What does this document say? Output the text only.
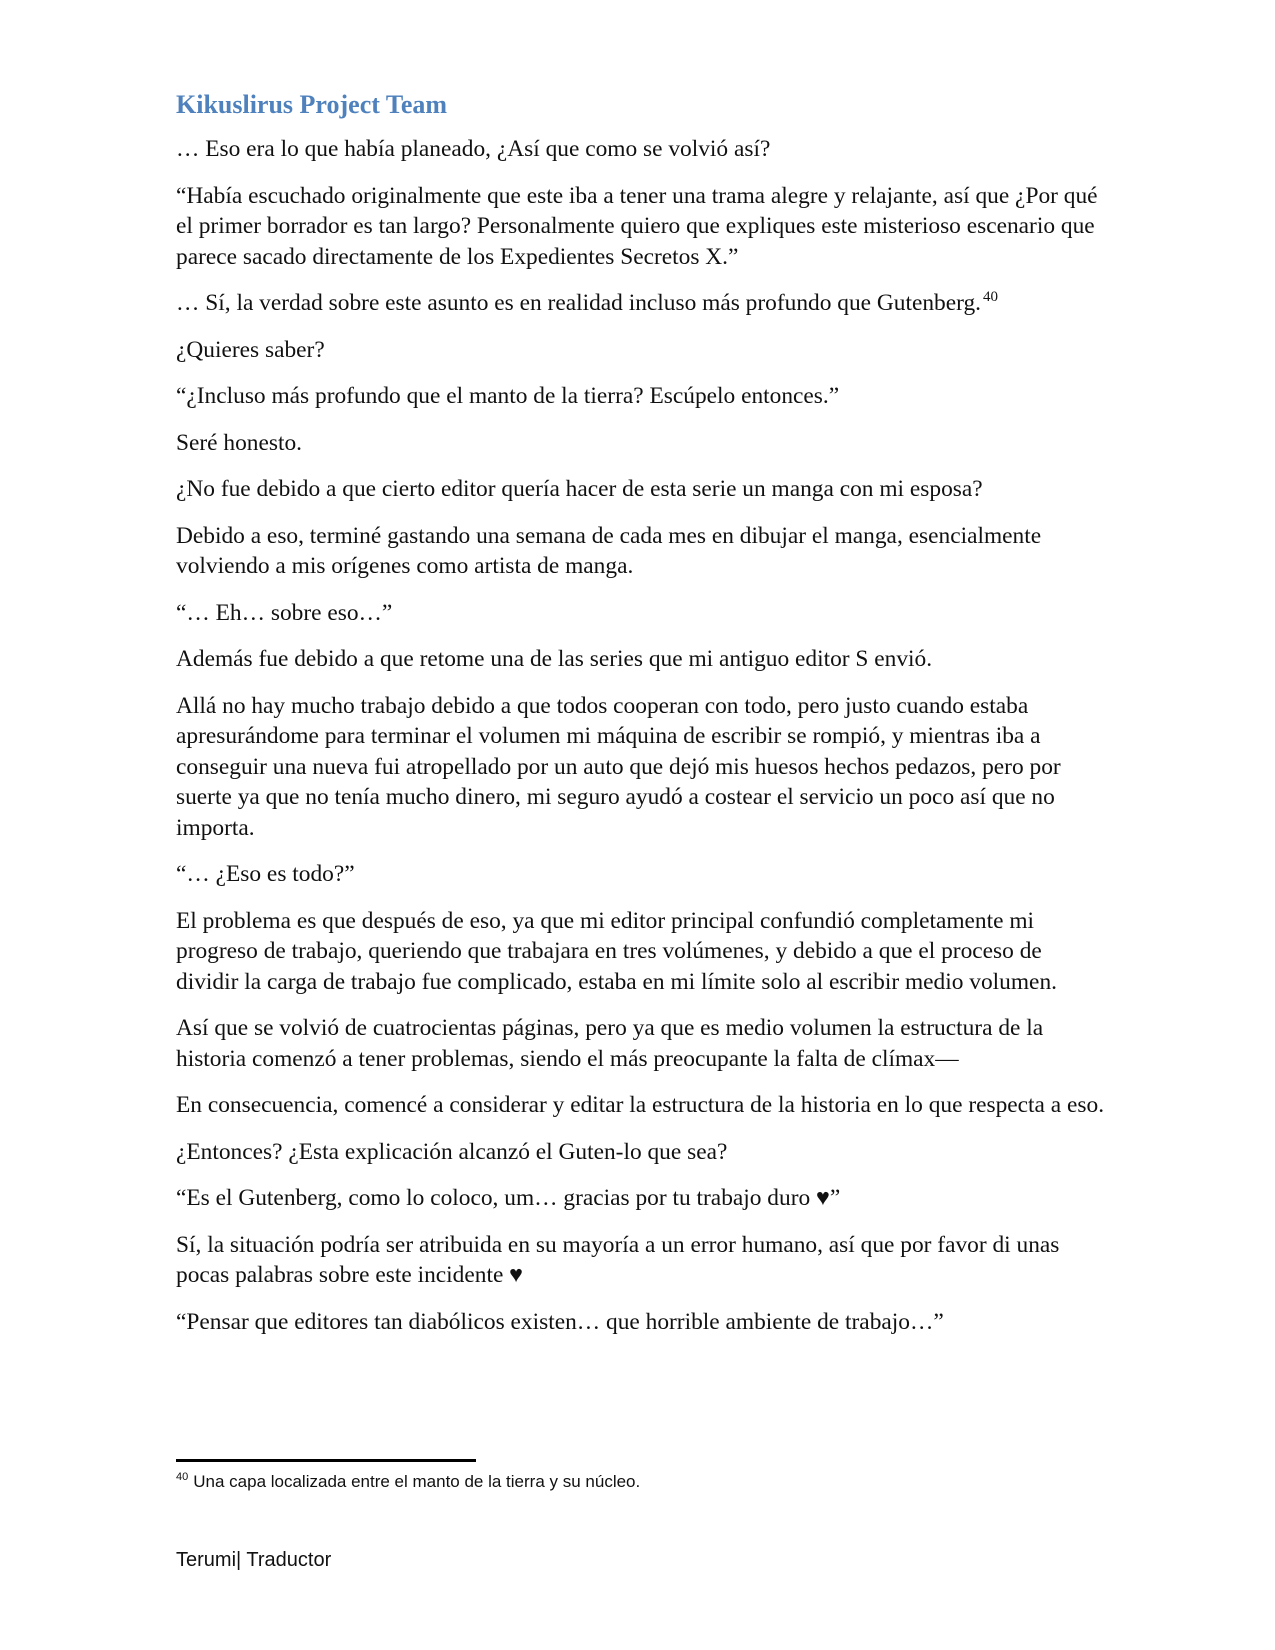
Kikuslirus Project Team

… Eso era lo que había planeado, ¿Así que como se volvió así?

“Había escuchado originalmente que este iba a tener una trama alegre y relajante, así que ¿Por qué el primer borrador es tan largo? Personalmente quiero que expliques este misterioso escenario que parece sacado directamente de los Expedientes Secretos X.”

… Sí, la verdad sobre este asunto es en realidad incluso más profundo que Gutenberg. $^{40}$

¿Quieres saber?

“¿Incluso más profundo que el manto de la tierra? Escúpelo entonces.”

Seré honesto.

¿No fue debido a que cierto editor quería hacer de esta serie un manga con mi esposa?

Debido a eso, terminé gastando una semana de cada mes en dibujar el manga, esencialmente volviendo a mis orígenes como artista de manga.

“… Eh… sobre eso…”

Además fue debido a que retome una de las series que mi antiguo editor S envió.

Allá no hay mucho trabajo debido a que todos cooperan con todo, pero justo cuando estaba apresurándome para terminar el volumen mi máquina de escribir se rompió, y mientras iba a conseguir una nueva fui atropellado por un auto que dejó mis huesos hechos pedazos, pero por suerte ya que no tenía mucho dinero, mi seguro ayudó a costear el servicio un poco así que no importa.

“… ¿Eso es todo?”

El problema es que después de eso, ya que mi editor principal confundió completamente mi progreso de trabajo, queriendo que trabajara en tres volúmenes, y debido a que el proceso de dividir la carga de trabajo fue complicado, estaba en mi límite solo al escribir medio volumen.

Así que se volvió de cuatrocientas páginas, pero ya que es medio volumen la estructura de la historia comenzó a tener problemas, siendo el más preocupante la falta de clímax—

En consecuencia, comencé a considerar y editar la estructura de la historia en lo que respecta a eso.

¿Entonces? ¿Esta explicación alcanzó el Guten-lo que sea?

“Es el Gutenberg, como lo coloco, um… gracias por tu trabajo duro ♥”

Sí, la situación podría ser atribuida en su mayoría a un error humano, así que por favor di unas pocas palabras sobre este incidente ♥

“Pensar que editores tan diabólicos existen… que horrible ambiente de trabajo…”

$^{40}$ Una capa localizada entre el manto de la tierra y su núcleo.
Terumi| Traductor
